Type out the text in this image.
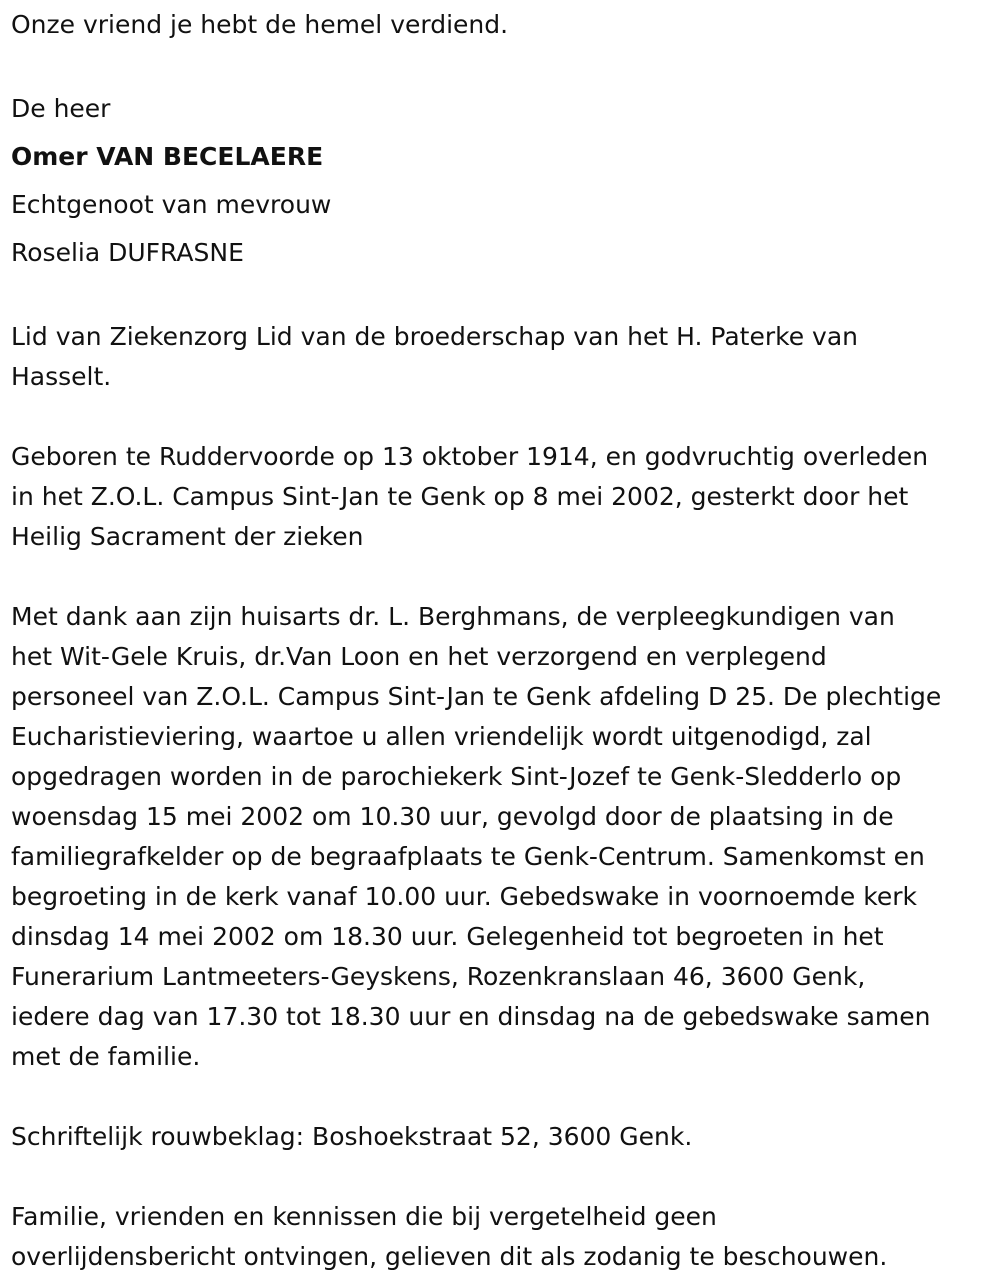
Onze vriend je hebt de hemel verdiend.

De heer

Omer VAN BECELAERE

Echtgenoot van mevrouw

Roselia DUFRASNE

Lid van Ziekenzorg Lid van de broederschap van het H. Paterke van

Hasselt.

Geboren te Ruddervoorde op 13 oktober 1914, en godvruchtig overleden

in het Z.O.L. Campus Sint-Jan te Genk op 8 mei 2002, gesterkt door het

Heilig Sacrament der zieken

Met dank aan zijn huisarts dr. L. Berghmans, de verpleegkundigen van

het Wit-Gele Kruis, dr.Van Loon en het verzorgend en verplegend

personeel van Z.O.L. Campus Sint-Jan te Genk afdeling D 25. De plechtige

Eucharistieviering, waartoe u allen vriendelijk wordt uitgenodigd, zal

opgedragen worden in de parochiekerk Sint-Jozef te Genk-Sledderlo op

woensdag 15 mei 2002 om 10.30 uur, gevolgd door de plaatsing in de

familiegrafkelder op de begraafplaats te Genk-Centrum. Samenkomst en

begroeting in de kerk vanaf 10.00 uur. Gebedswake in voornoemde kerk

dinsdag 14 mei 2002 om 18.30 uur. Gelegenheid tot begroeten in het

Funerarium Lantmeeters-Geyskens, Rozenkranslaan 46, 3600 Genk,

iedere dag van 17.30 tot 18.30 uur en dinsdag na de gebedswake samen

met de familie.

Schriftelijk rouwbeklag: Boshoekstraat 52, 3600 Genk.

Familie, vrienden en kennissen die bij vergetelheid geen

overlijdensbericht ontvingen, gelieven dit als zodanig te beschouwen.
